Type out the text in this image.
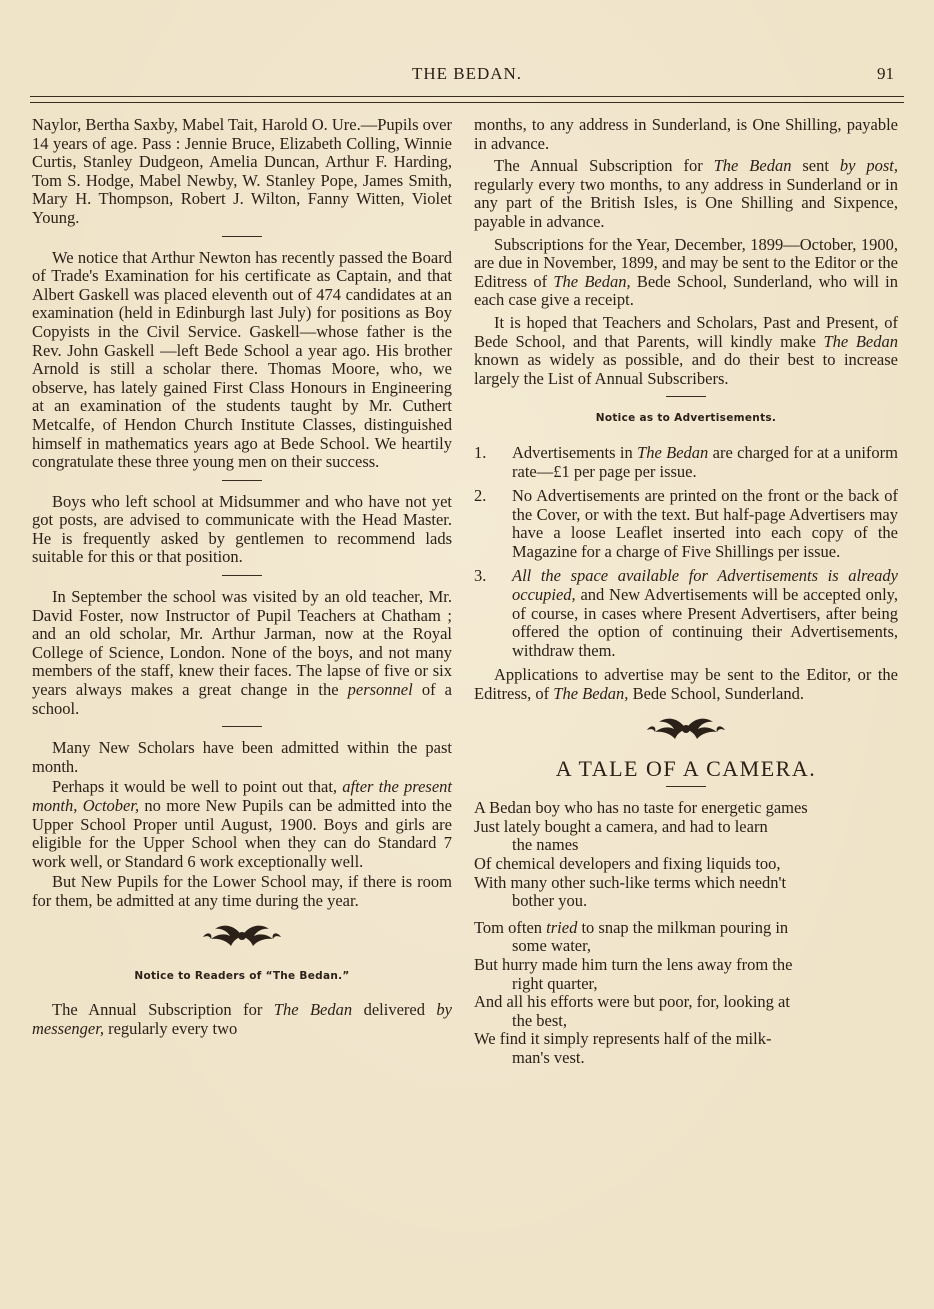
THE BEDAN.	91

Naylor, Bertha Saxby, Mabel Tait, Harold O. Ure.—Pupils over 14 years of age. Pass : Jennie Bruce, Elizabeth Colling, Winnie Curtis, Stanley Dudgeon, Amelia Duncan, Arthur F. Harding, Tom S. Hodge, Mabel Newby, W. Stanley Pope, James Smith, Mary H. Thompson, Robert J. Wilton, Fanny Witten, Violet Young.

We notice that Arthur Newton has recently passed the Board of Trade's Examination for his certificate as Captain, and that Albert Gaskell was placed eleventh out of 474 candidates at an examination (held in Edinburgh last July) for positions as Boy Copyists in the Civil Service. Gaskell—whose father is the Rev. John Gaskell —left Bede School a year ago. His brother Arnold is still a scholar there. Thomas Moore, who, we observe, has lately gained First Class Honours in Engineering at an examination of the students taught by Mr. Cuthert Metcalfe, of Hendon Church Institute Classes, distinguished himself in mathematics years ago at Bede School. We heartily congratulate these three young men on their success.

Boys who left school at Midsummer and who have not yet got posts, are advised to communicate with the Head Master. He is frequently asked by gentlemen to recommend lads suitable for this or that position.

In September the school was visited by an old teacher, Mr. David Foster, now Instructor of Pupil Teachers at Chatham ; and an old scholar, Mr. Arthur Jarman, now at the Royal College of Science, London. None of the boys, and not many members of the staff, knew their faces. The lapse of five or six years always makes a great change in the personnel of a school.

Many New Scholars have been admitted within the past month.

Perhaps it would be well to point out that, after the present month, October, no more New Pupils can be admitted into the Upper School Proper until August, 1900. Boys and girls are eligible for the Upper School when they can do Standard 7 work well, or Standard 6 work exceptionally well.

But New Pupils for the Lower School may, if there is room for them, be admitted at any time during the year.

Notice to Readers of “The Bedan.”

The Annual Subscription for The Bedan delivered by messenger, regularly every two

months, to any address in Sunderland, is One Shilling, payable in advance.

The Annual Subscription for The Bedan sent by post, regularly every two months, to any address in Sunderland or in any part of the British Isles, is One Shilling and Sixpence, payable in advance.

Subscriptions for the Year, December, 1899—October, 1900, are due in November, 1899, and may be sent to the Editor or the Editress of The Bedan, Bede School, Sunderland, who will in each case give a receipt.

It is hoped that Teachers and Scholars, Past and Present, of Bede School, and that Parents, will kindly make The Bedan known as widely as possible, and do their best to increase largely the List of Annual Subscribers.

Notice as to Advertisements.
1. Advertisements in The Bedan are charged for at a uniform rate—£1 per page per issue.
2. No Advertisements are printed on the front or the back of the Cover, or with the text. But half-page Advertisers may have a loose Leaflet inserted into each copy of the Magazine for a charge of Five Shillings per issue.
3. All the space available for Advertisements is already occupied, and New Advertisements will be accepted only, of course, in cases where Present Advertisers, after being offered the option of continuing their Advertisements, withdraw them.

Applications to advertise may be sent to the Editor, or the Editress, of The Bedan, Bede School, Sunderland.

A TALE OF A CAMERA.

A Bedan boy who has no taste for energetic games

Just lately bought a camera, and had to learn

the names

Of chemical developers and fixing liquids too,

With many other such-like terms which needn't

bother you.

Tom often tried to snap the milkman pouring in

some water,

But hurry made him turn the lens away from the

right quarter,

And all his efforts were but poor, for, looking at

the best,

We find it simply represents half of the milk-

man's vest.
